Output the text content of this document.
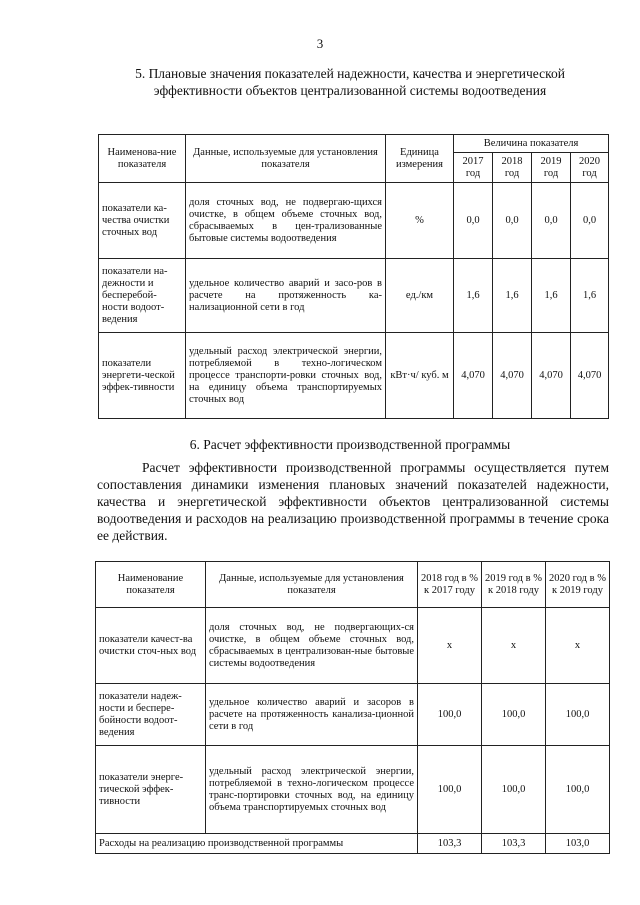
3
5. Плановые значения показателей надежности, качества и энергетической эффективности объектов централизованной системы водоотведения
Наименова-ние показателя	Данные, используемые для установления показателя	Единица измерения	Величина показателя			
			2017 год	2018 год	2019 год	2020 год
показатели ка-чества очистки сточных вод	доля сточных вод, не подвергаю-щихся очистке, в общем объеме сточных вод, сбрасываемых в цен-трализованные бытовые системы водоотведения	%	0,0	0,0	0,0	0,0
показатели на-дежности и бесперебой-ности водоот-ведения	удельное количество аварий и засо-ров в расчете на протяженность ка-нализационной сети в год	ед./км	1,6	1,6	1,6	1,6
показатели энергети-ческой эффек-тивности	удельный расход электрической энергии, потребляемой в техно-логическом процессе транспорти-ровки сточных вод, на единицу объема транспортируемых сточных вод	кВт·ч/ куб. м	4,070	4,070	4,070	4,070
6. Расчет эффективности производственной программы
Расчет эффективности производственной программы осуществляется путем сопоставления динамики изменения плановых значений показателей надежности, качества и энергетической эффективности объектов централизованной системы водоотведения и расходов на реализацию производственной программы в течение срока ее действия.
Наименование показателя	Данные, используемые для установления показателя	2018 год в % к 2017 году	2019 год в % к 2018 году	2020 год в % к 2019 году
показатели качест-ва очистки сточ-ных вод	доля сточных вод, не подвергающих-ся очистке, в общем объеме сточных вод, сбрасываемых в централизован-ные бытовые системы водоотведения	x	x	x
показатели надеж-ности и беспере-бойности водоот-ведения	удельное количество аварий и засоров в расчете на протяженность канализа-ционной сети в год	100,0	100,0	100,0
показатели энерге-тической эффек-тивности	удельный расход электрической энергии, потребляемой в техно-логическом процессе транс-портировки сточных вод, на единицу объема транспортируемых сточных вод	100,0	100,0	100,0
Расходы на реализацию производственной программы		103,3	103,3	103,0
